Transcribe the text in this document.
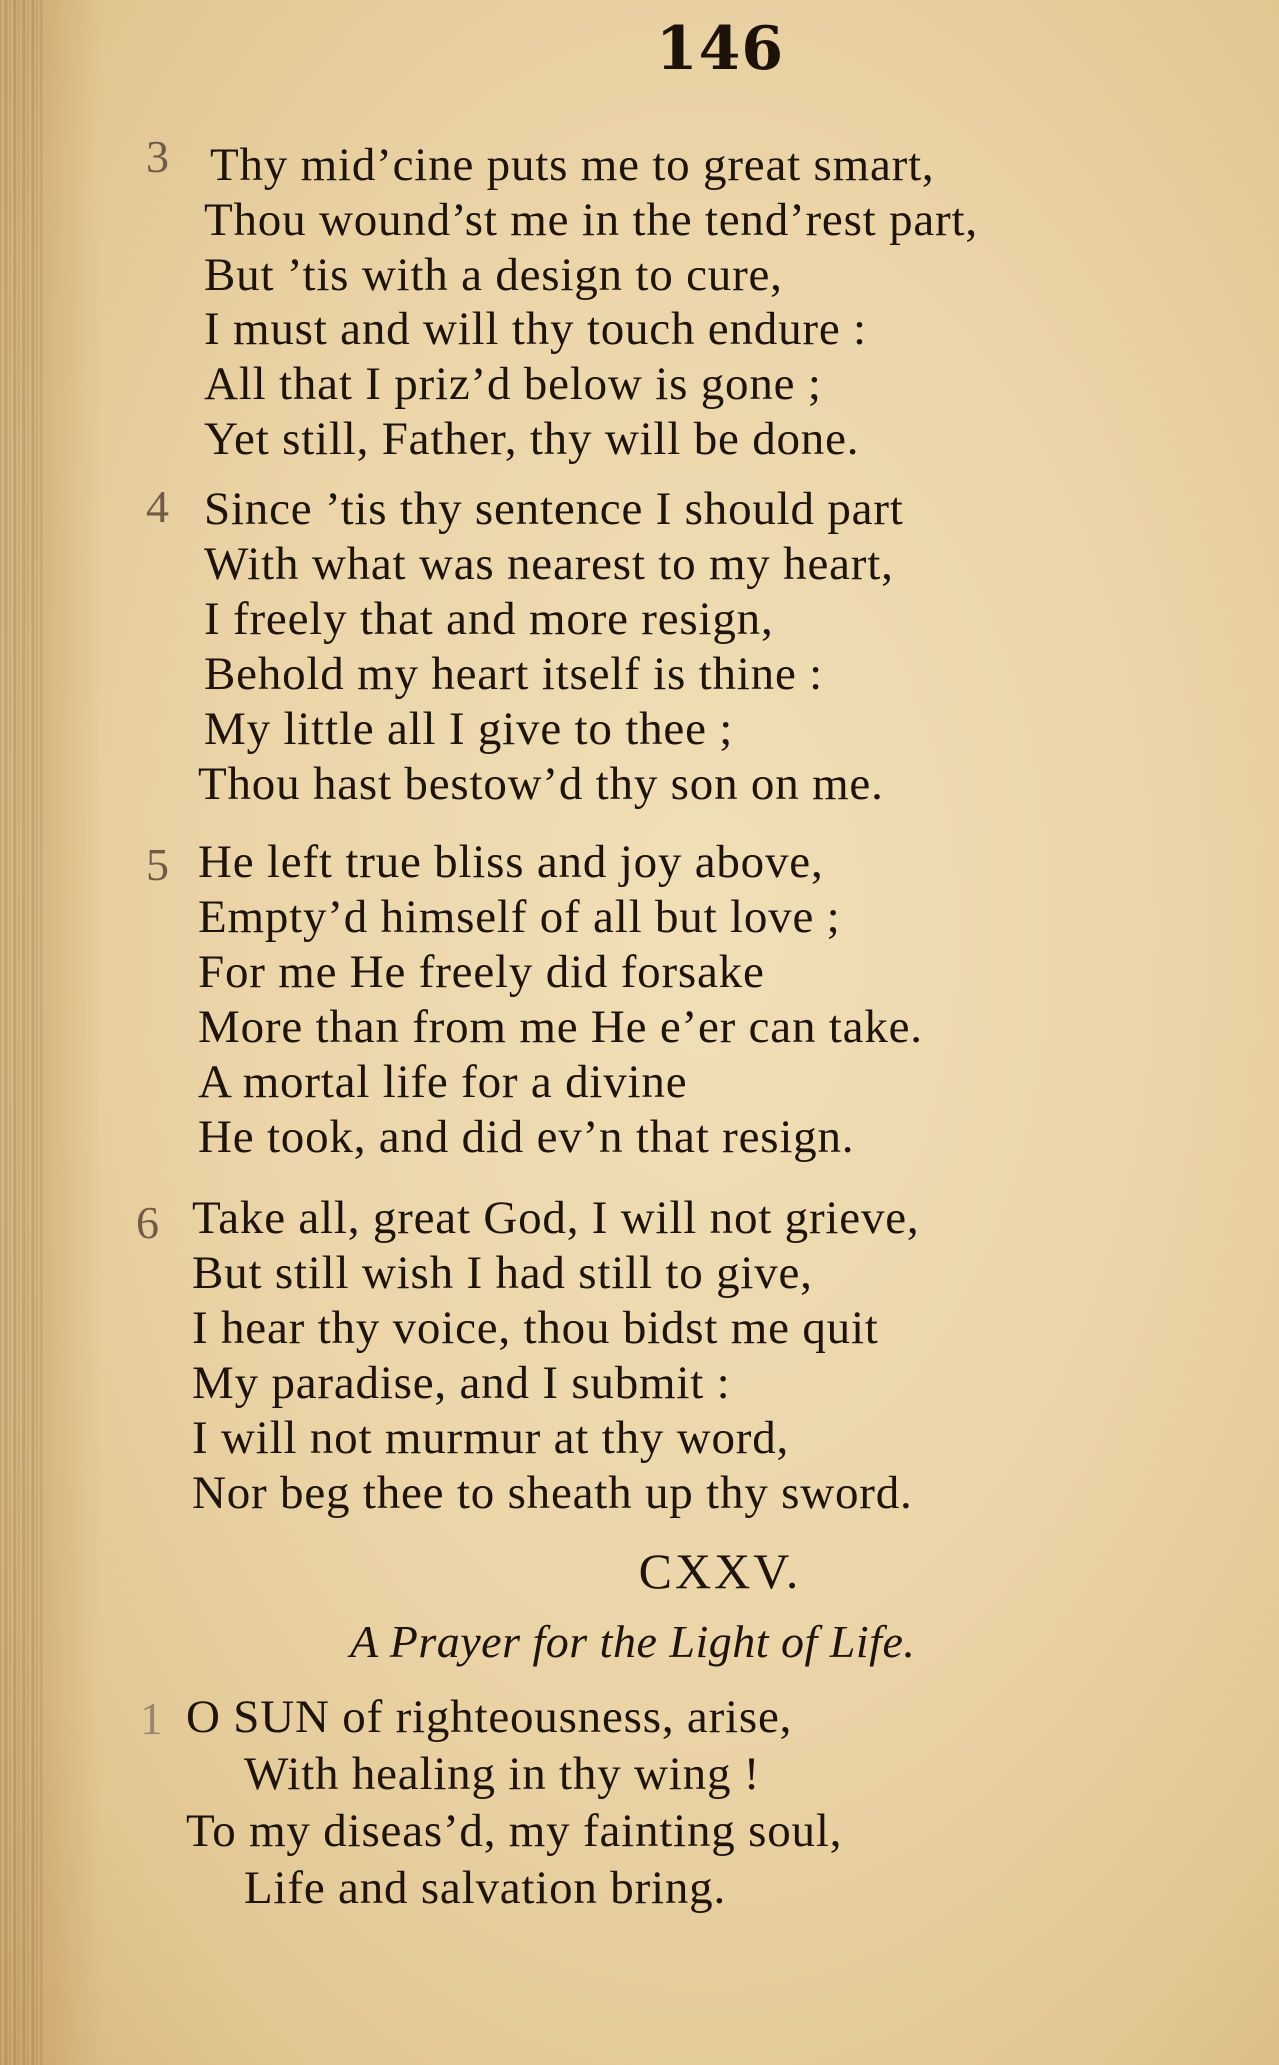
146
3 Thy mid’cine puts me to great smart,
Thou wound’st me in the tend’rest part,
But ’tis with a design to cure,
I must and will thy touch endure :
All that I priz’d below is gone ;
Yet still, Father, thy will be done.
4 Since ’tis thy sentence I should part
With what was nearest to my heart,
I freely that and more resign,
Behold my heart itself is thine :
My little all I give to thee ;
Thou hast bestow’d thy son on me.
5 He left true bliss and joy above,
Empty’d himself of all but love ;
For me He freely did forsake
More than from me He e’er can take.
A mortal life for a divine
He took, and did ev’n that resign.
6 Take all, great God, I will not grieve,
But still wish I had still to give,
I hear thy voice, thou bidst me quit
My paradise, and I submit :
I will not murmur at thy word,
Nor beg thee to sheath up thy sword.
CXXV.
A Prayer for the Light of Life.
1 O SUN of righteousness, arise,
With healing in thy wing !
To my diseas’d, my fainting soul,
Life and salvation bring.
